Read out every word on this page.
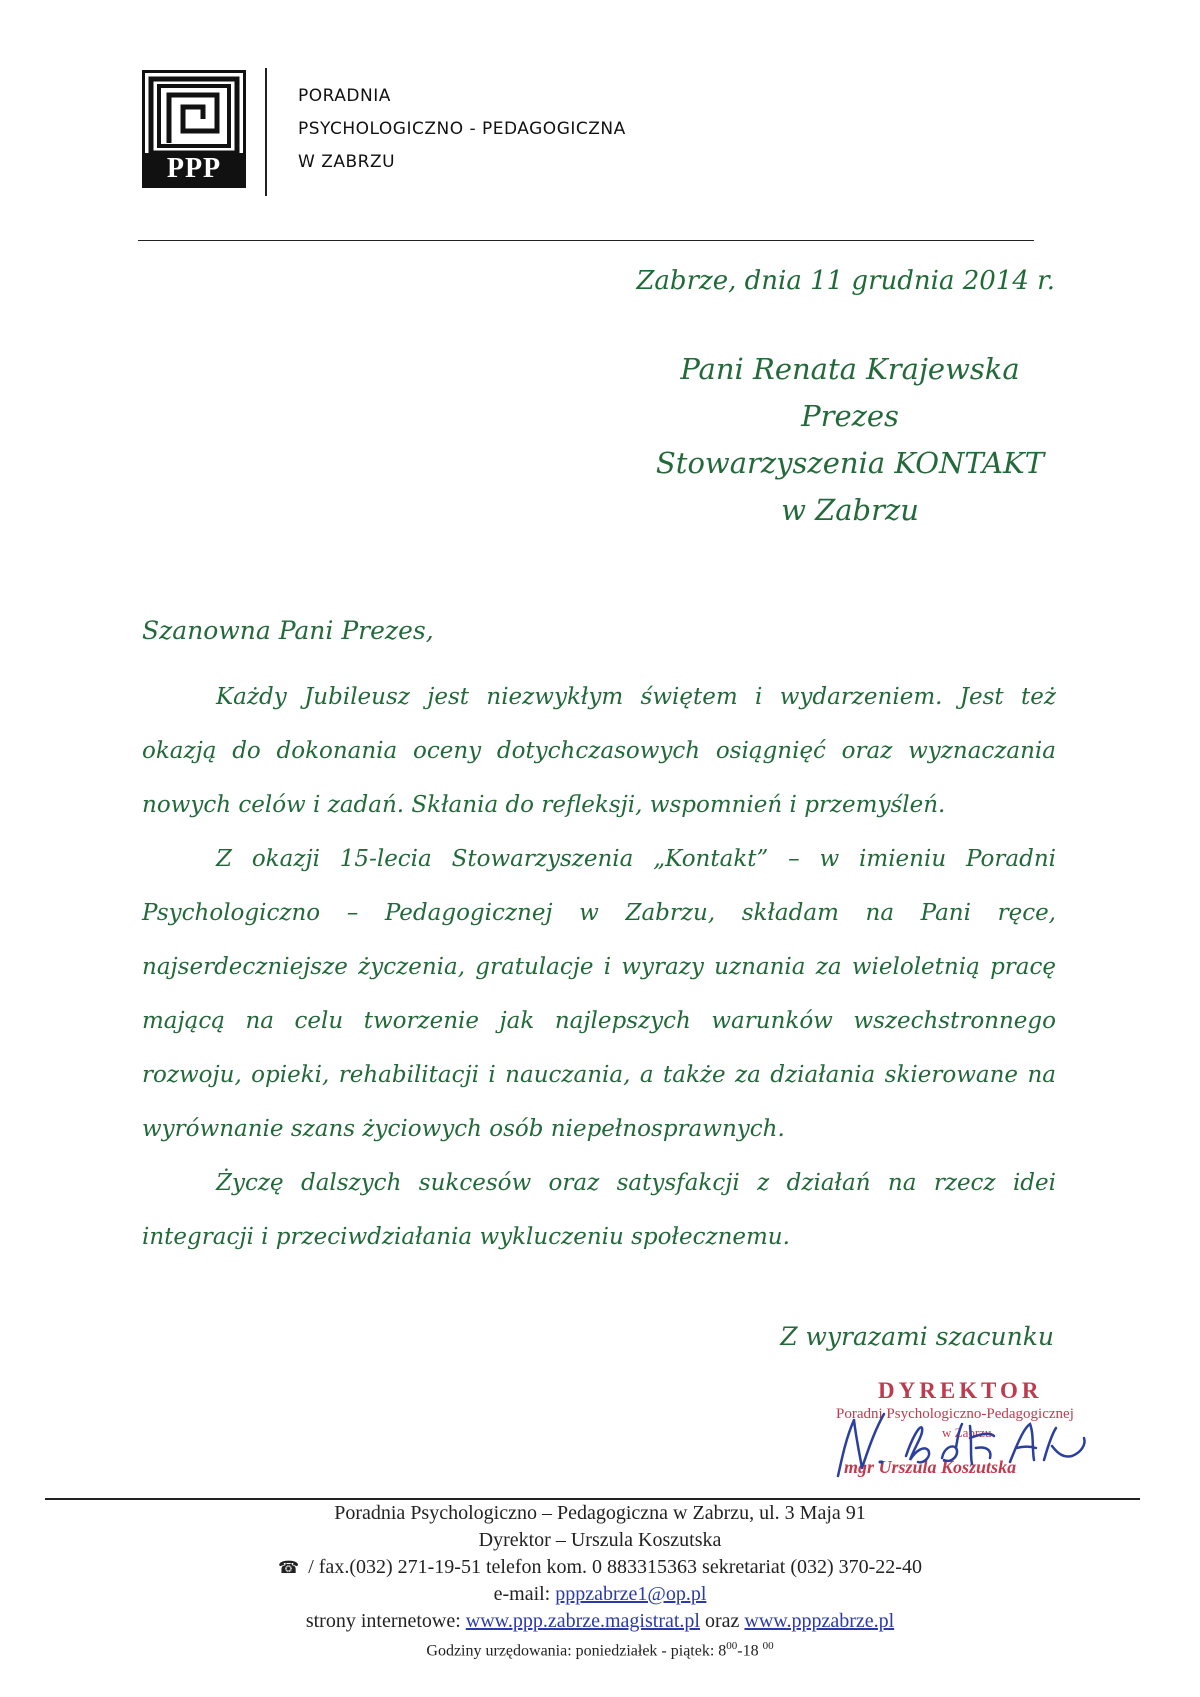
PPP
PORADNIA
PSYCHOLOGICZNO - PEDAGOGICZNA
W ZABRZU
Zabrze, dnia 11 grudnia 2014 r.
Pani Renata Krajewska
Prezes
Stowarzyszenia KONTAKT
w Zabrzu
Szanowna Pani Prezes,

Każdy Jubileusz jest niezwykłym świętem i wydarzeniem. Jest też okazją do dokonania oceny dotychczasowych osiągnięć oraz wyznaczania nowych celów i zadań. Skłania do refleksji, wspomnień i przemyśleń.

Z okazji 15-lecia Stowarzyszenia „Kontakt” – w imieniu Poradni Psychologiczno – Pedagogicznej w Zabrzu, składam na Pani ręce, najserdeczniejsze życzenia, gratulacje i wyrazy uznania za wieloletnią pracę mającą na celu tworzenie jak najlepszych warunków wszechstronnego rozwoju, opieki, rehabilitacji i nauczania, a także za działania skierowane na wyrównanie szans życiowych osób niepełnosprawnych.

Życzę dalszych sukcesów oraz satysfakcji z działań na rzecz idei integracji i przeciwdziałania wykluczeniu społecznemu.

Z wyrazami szacunku
DYREKTOR
Poradni Psychologiczno-Pedagogicznej
w Zabrzu
mgr Urszula Koszutska
Poradnia Psychologiczno – Pedagogiczna w Zabrzu, ul. 3 Maja 91
Dyrektor – Urszula Koszutska
☎ / fax.(032) 271-19-51 telefon kom. 0 883315363 sekretariat (032) 370-22-40
e-mail: pppzabrze1@op.pl
strony internetowe: www.ppp.zabrze.magistrat.pl oraz www.pppzabrze.pl
Godziny urzędowania: poniedziałek - piątek: $8^{00}-18$ $^{00}$
